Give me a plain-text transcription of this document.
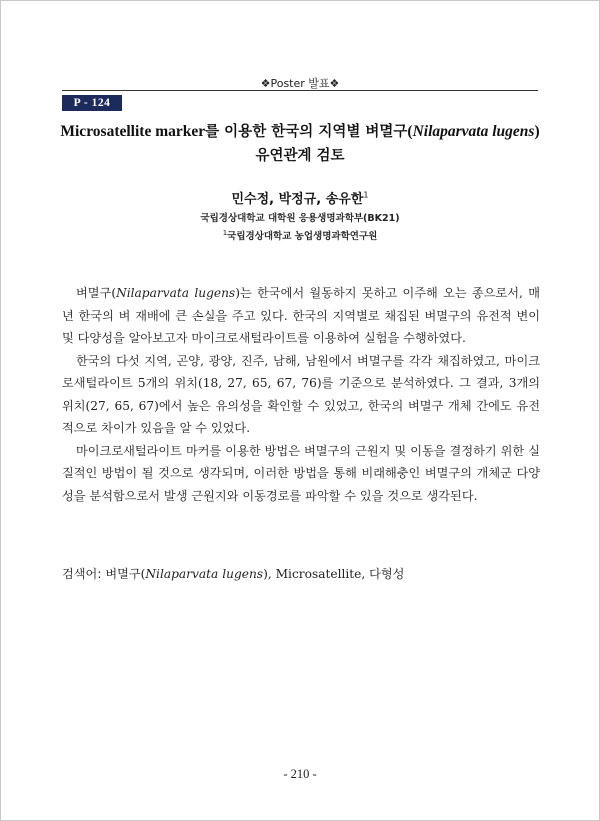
❖Poster 발표❖
P - 124
Microsatellite marker를 이용한 한국의 지역별 벼멸구(Nilaparvata lugens)
유연관계 검토
민수정, 박정규, 송유한$^1$
국립경상대학교 대학원 응용생명과학부(BK21)
$^1$국립경상대학교 농업생명과학연구원

벼멸구(Nilaparvata lugens)는 한국에서 월동하지 못하고 이주해 오는 종으로서, 매년 한국의 벼 재배에 큰 손실을 주고 있다. 한국의 지역별로 채집된 벼멸구의 유전적 변이 및 다양성을 알아보고자 마이크로새털라이트를 이용하여 실험을 수행하였다.

한국의 다섯 지역, 곤양, 광양, 진주, 남해, 남원에서 벼멸구를 각각 채집하였고, 마이크로새털라이트 5개의 위치(18, 27, 65, 67, 76)를 기준으로 분석하였다. 그 결과, 3개의 위치(27, 65, 67)에서 높은 유의성을 확인할 수 있었고, 한국의 벼멸구 개체 간에도 유전적으로 차이가 있음을 알 수 있었다.

마이크로새털라이트 마커를 이용한 방법은 벼멸구의 근원지 및 이동을 결정하기 위한 실질적인 방법이 될 것으로 생각되며, 이러한 방법을 통해 비래해충인 벼멸구의 개체군 다양성을 분석함으로서 발생 근원지와 이동경로를 파악할 수 있을 것으로 생각된다.

검색어: 벼멸구(Nilaparvata lugens), Microsatellite, 다형성
- 210 -
